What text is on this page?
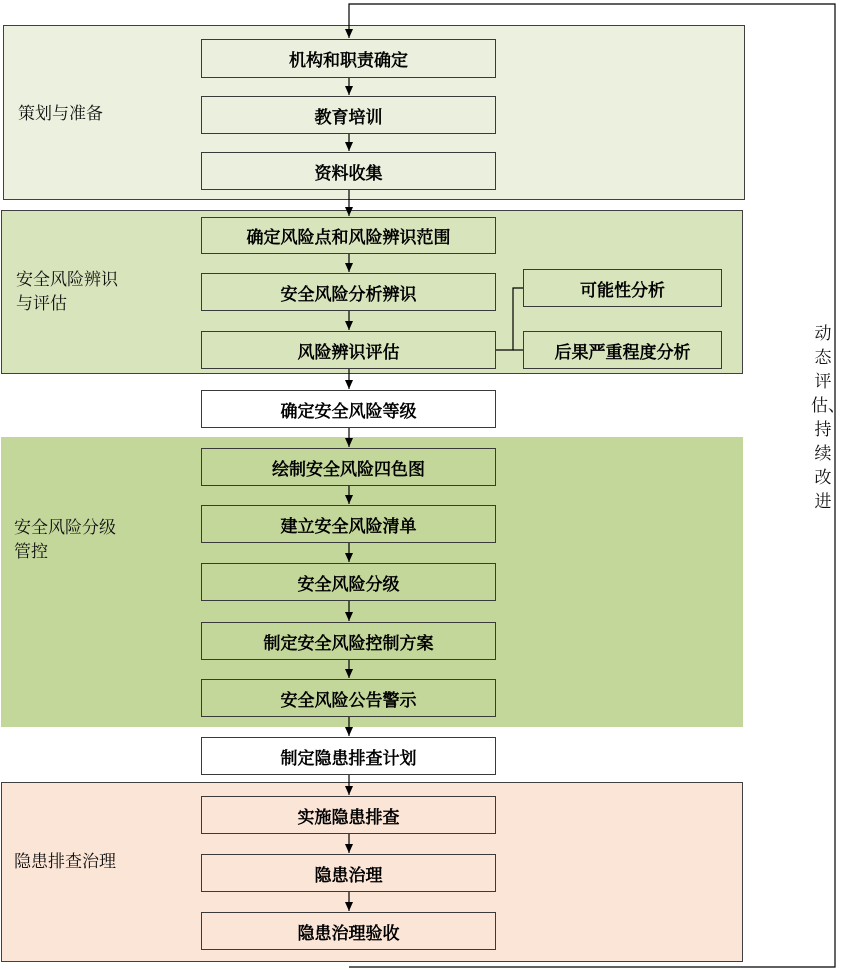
策划与准备
安全风险辨识与评估
安全风险分级管控
隐患排查治理
机构和职责确定
教育培训
资料收集
确定风险点和风险辨识范围
安全风险分析辨识
风险辨识评估
可能性分析
后果严重程度分析
确定安全风险等级
绘制安全风险四色图
建立安全风险清单
安全风险分级
制定安全风险控制方案
安全风险公告警示
制定隐患排查计划
实施隐患排查
隐患治理
隐患治理验收
动态评估、持续改进
